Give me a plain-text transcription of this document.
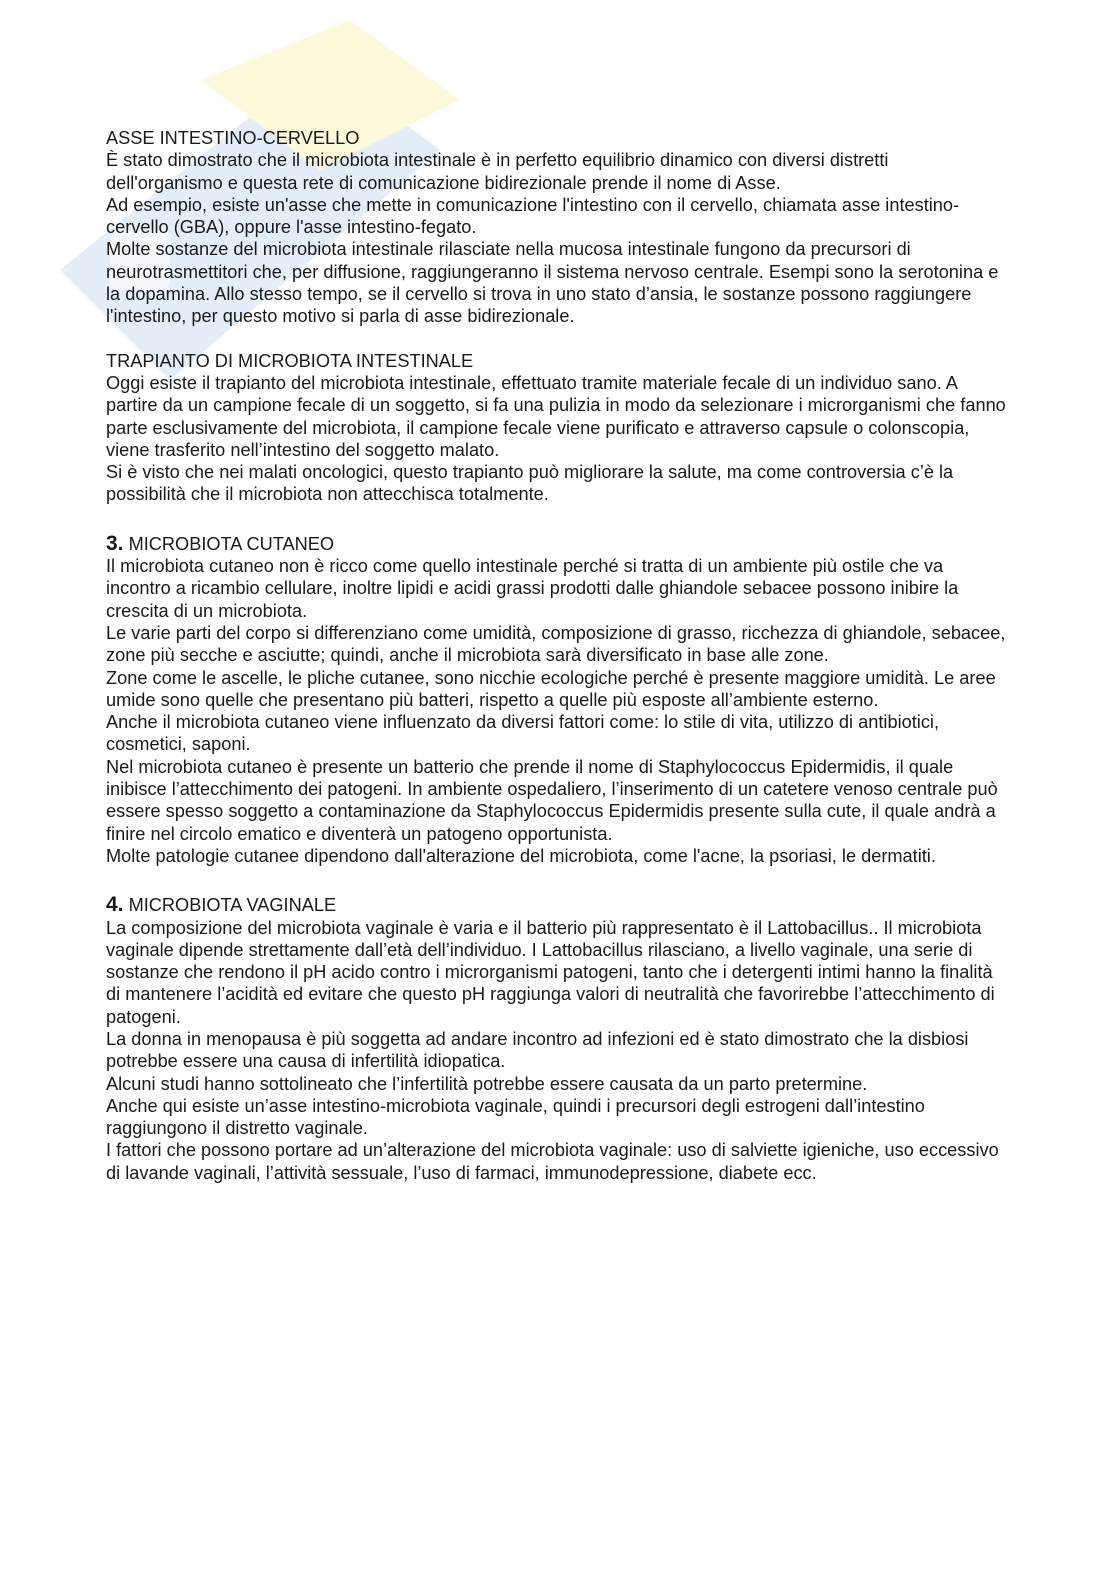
ASSE INTESTINO-CERVELLO

È stato dimostrato che il microbiota intestinale è in perfetto equilibrio dinamico con diversi distretti dell'organismo e questa rete di comunicazione bidirezionale prende il nome di Asse.

Ad esempio, esiste un'asse che mette in comunicazione l'intestino con il cervello, chiamata asse intestino-cervello (GBA), oppure l'asse intestino-fegato.

Molte sostanze del microbiota intestinale rilasciate nella mucosa intestinale fungono da precursori di neurotrasmettitori che, per diffusione, raggiungeranno il sistema nervoso centrale. Esempi sono la serotonina e la dopamina. Allo stesso tempo, se il cervello si trova in uno stato d’ansia, le sostanze possono raggiungere l'intestino, per questo motivo si parla di asse bidirezionale.

TRAPIANTO DI MICROBIOTA INTESTINALE

Oggi esiste il trapianto del microbiota intestinale, effettuato tramite materiale fecale di un individuo sano. A partire da un campione fecale di un soggetto, si fa una pulizia in modo da selezionare i microrganismi che fanno parte esclusivamente del microbiota, il campione fecale viene purificato e attraverso capsule o colonscopia, viene trasferito nell’intestino del soggetto malato.

Si è visto che nei malati oncologici, questo trapianto può migliorare la salute, ma come controversia c’è la possibilità che il microbiota non attecchisca totalmente.

3. MICROBIOTA CUTANEO

Il microbiota cutaneo non è ricco come quello intestinale perché si tratta di un ambiente più ostile che va incontro a ricambio cellulare, inoltre lipidi e acidi grassi prodotti dalle ghiandole sebacee possono inibire la crescita di un microbiota.

Le varie parti del corpo si differenziano come umidità, composizione di grasso, ricchezza di ghiandole, sebacee, zone più secche e asciutte; quindi, anche il microbiota sarà diversificato in base alle zone.

Zone come le ascelle, le pliche cutanee, sono nicchie ecologiche perché è presente maggiore umidità. Le aree umide sono quelle che presentano più batteri, rispetto a quelle più esposte all’ambiente esterno.

Anche il microbiota cutaneo viene influenzato da diversi fattori come: lo stile di vita, utilizzo di antibiotici, cosmetici, saponi.

Nel microbiota cutaneo è presente un batterio che prende il nome di Staphylococcus Epidermidis, il quale inibisce l’attecchimento dei patogeni. In ambiente ospedaliero, l’inserimento di un catetere venoso centrale può essere spesso soggetto a contaminazione da Staphylococcus Epidermidis presente sulla cute, il quale andrà a finire nel circolo ematico e diventerà un patogeno opportunista.

Molte patologie cutanee dipendono dall'alterazione del microbiota, come l'acne, la psoriasi, le dermatiti.

4. MICROBIOTA VAGINALE

La composizione del microbiota vaginale è varia e il batterio più rappresentato è il Lattobacillus.. Il microbiota vaginale dipende strettamente dall’età dell’individuo. I Lattobacillus rilasciano, a livello vaginale, una serie di sostanze che rendono il pH acido contro i microrganismi patogeni, tanto che i detergenti intimi hanno la finalità di mantenere l’acidità ed evitare che questo pH raggiunga valori di neutralità che favorirebbe l’attecchimento di patogeni.

La donna in menopausa è più soggetta ad andare incontro ad infezioni ed è stato dimostrato che la disbiosi potrebbe essere una causa di infertilità idiopatica.

Alcuni studi hanno sottolineato che l’infertilità potrebbe essere causata da un parto pretermine.

Anche qui esiste un’asse intestino-microbiota vaginale, quindi i precursori degli estrogeni dall’intestino raggiungono il distretto vaginale.

I fattori che possono portare ad un’alterazione del microbiota vaginale: uso di salviette igieniche, uso eccessivo di lavande vaginali, l’attività sessuale, l’uso di farmaci, immunodepressione, diabete ecc.
